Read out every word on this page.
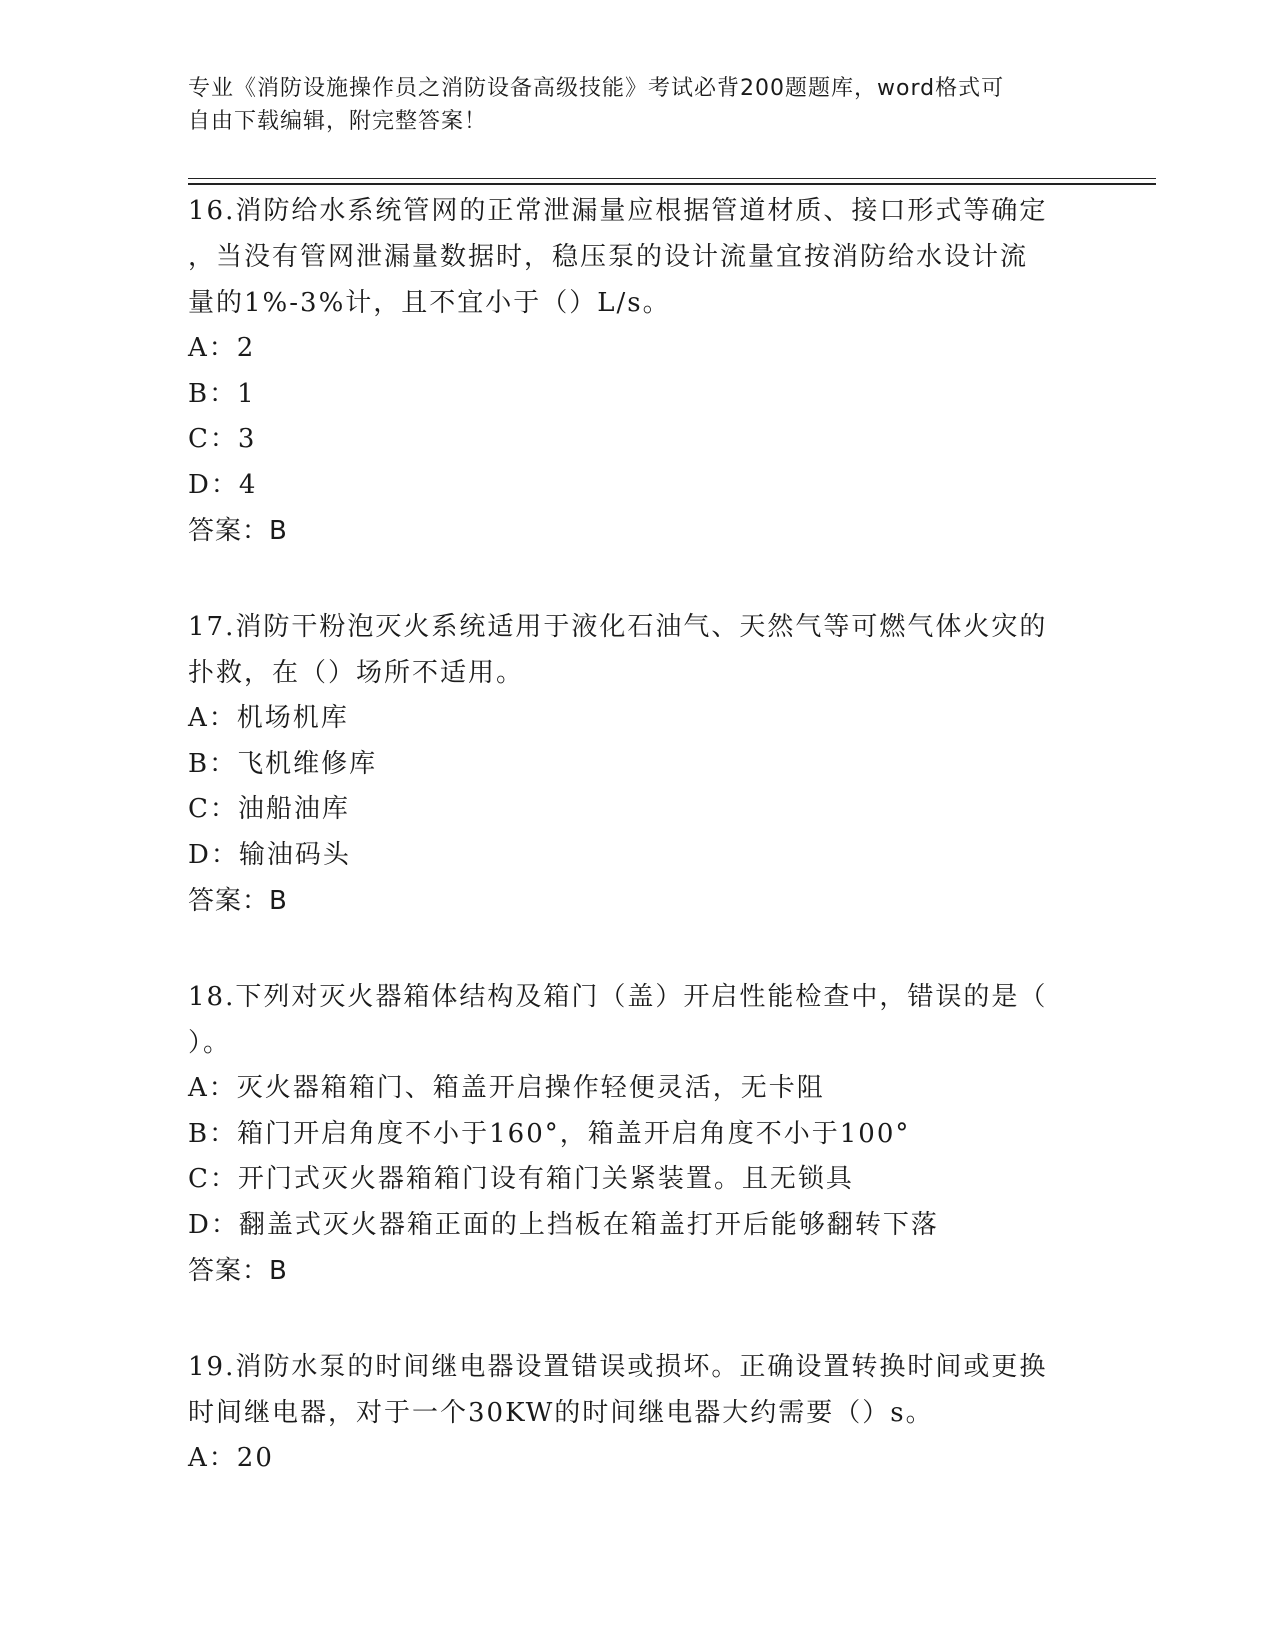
专业《消防设施操作员之消防设备高级技能》考试必背200题题库，word格式可
自由下载编辑，附完整答案！
16.消防给水系统管网的正常泄漏量应根据管道材质、接口形式等确定
，当没有管网泄漏量数据时，稳压泵的设计流量宜按消防给水设计流
量的1%-3%计，且不宜小于（）L/s。
A：2
B：1
C：3
D：4
答案：B
17.消防干粉泡灭火系统适用于液化石油气、天然气等可燃气体火灾的
扑救，在（）场所不适用。
A：机场机库
B：飞机维修库
C：油船油库
D：输油码头
答案：B
18.下列对灭火器箱体结构及箱门（盖）开启性能检查中，错误的是（
）。
A：灭火器箱箱门、箱盖开启操作轻便灵活，无卡阻
B：箱门开启角度不小于160°，箱盖开启角度不小于100°
C：开门式灭火器箱箱门设有箱门关紧装置。且无锁具
D：翻盖式灭火器箱正面的上挡板在箱盖打开后能够翻转下落
答案：B
19.消防水泵的时间继电器设置错误或损坏。正确设置转换时间或更换
时间继电器，对于一个30KW的时间继电器大约需要（）s。
A：20
